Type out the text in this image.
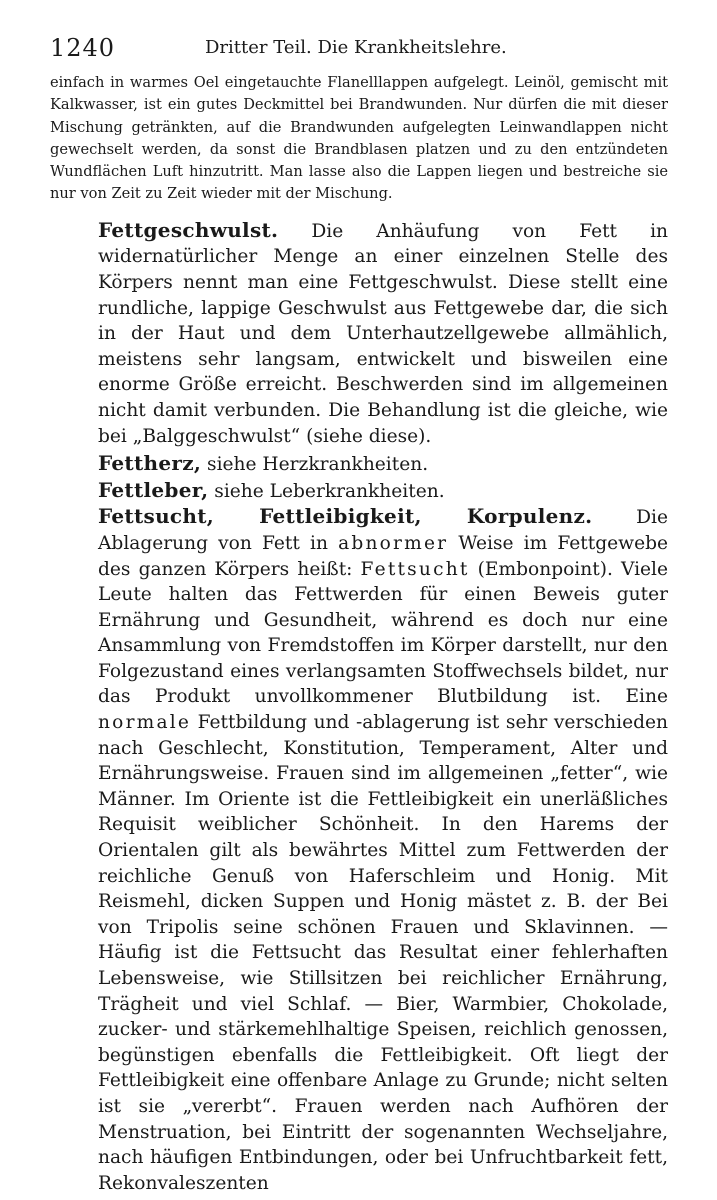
1240	Dritter Teil. Die Krankheitslehre.

einfach in warmes Oel eingetauchte Flanelllappen aufgelegt. Leinöl, gemischt mit Kalkwasser, ist ein gutes Deckmittel bei Brandwunden. Nur dürfen die mit dieser Mischung getränkten, auf die Brandwunden aufgelegten Leinwandlappen nicht gewechselt werden, da sonst die Brandblasen platzen und zu den entzündeten Wundflächen Luft hinzutritt. Man lasse also die Lappen liegen und bestreiche sie nur von Zeit zu Zeit wieder mit der Mischung.

Fettgeschwulst. Die Anhäufung von Fett in widernatürlicher Menge an einer einzelnen Stelle des Körpers nennt man eine Fettgeschwulst. Diese stellt eine rundliche, lappige Geschwulst aus Fettgewebe dar, die sich in der Haut und dem Unterhautzellgewebe allmählich, meistens sehr langsam, entwickelt und bisweilen eine enorme Größe erreicht. Beschwerden sind im allgemeinen nicht damit verbunden. Die Behandlung ist die gleiche, wie bei „Balggeschwulst“ (siehe diese).

Fettherz, siehe Herzkrankheiten.
Fettleber, siehe Leberkrankheiten.

Fettsucht, Fettleibigkeit, Korpulenz. Die Ablagerung von Fett in abnormer Weise im Fettgewebe des ganzen Körpers heißt: Fettsucht (Embonpoint). Viele Leute halten das Fettwerden für einen Beweis guter Ernährung und Gesundheit, während es doch nur eine Ansammlung von Fremdstoffen im Körper darstellt, nur den Folgezustand eines verlangsamten Stoffwechsels bildet, nur das Produkt unvollkommener Blutbildung ist. Eine normale Fettbildung und -ablagerung ist sehr verschieden nach Geschlecht, Konstitution, Temperament, Alter und Ernährungsweise. Frauen sind im allgemeinen „fetter“, wie Männer. Im Oriente ist die Fettleibigkeit ein unerläßliches Requisit weiblicher Schönheit. In den Harems der Orientalen gilt als bewährtes Mittel zum Fettwerden der reichliche Genuß von Haferschleim und Honig. Mit Reismehl, dicken Suppen und Honig mästet z. B. der Bei von Tripolis seine schönen Frauen und Sklavinnen. — Häufig ist die Fettsucht das Resultat einer fehlerhaften Lebensweise, wie Stillsitzen bei reichlicher Ernährung, Trägheit und viel Schlaf. — Bier, Warmbier, Chokolade, zucker- und stärkemehlhaltige Speisen, reichlich genossen, begünstigen ebenfalls die Fettleibigkeit. Oft liegt der Fettleibigkeit eine offenbare Anlage zu Grunde; nicht selten ist sie „vererbt“. Frauen werden nach Aufhören der Menstruation, bei Eintritt der sogenannten Wechseljahre, nach häufigen Entbindungen, oder bei Unfruchtbarkeit fett, Rekonvaleszenten
